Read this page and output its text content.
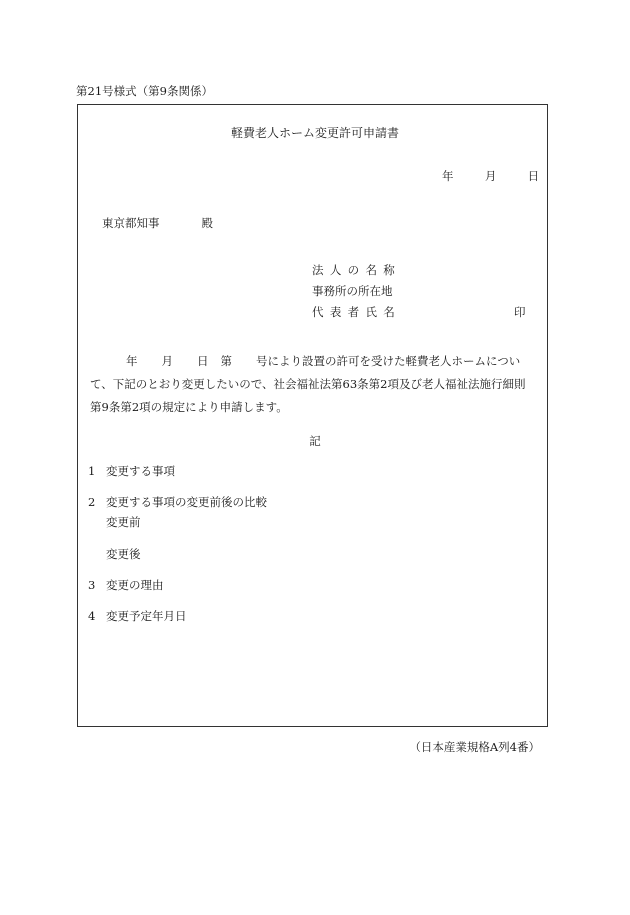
第21号様式（第9条関係）
軽費老人ホーム変更許可申請書
年	月	日
東京都知事	殿
法人の名称
事務所の所在地
代表者氏名	印
年 月 日 第 号により設置の許可を受けた軽費老人ホームについ
て、下記のとおり変更したいので、社会福祉法第63条第2項及び老人福祉法施行細則
第9条第2項の規定により申請します。
記
1 変更する事項
2 変更する事項の変更前後の比較
変更前
変更後
3 変更の理由
4 変更予定年月日
（日本産業規格A列4番）
